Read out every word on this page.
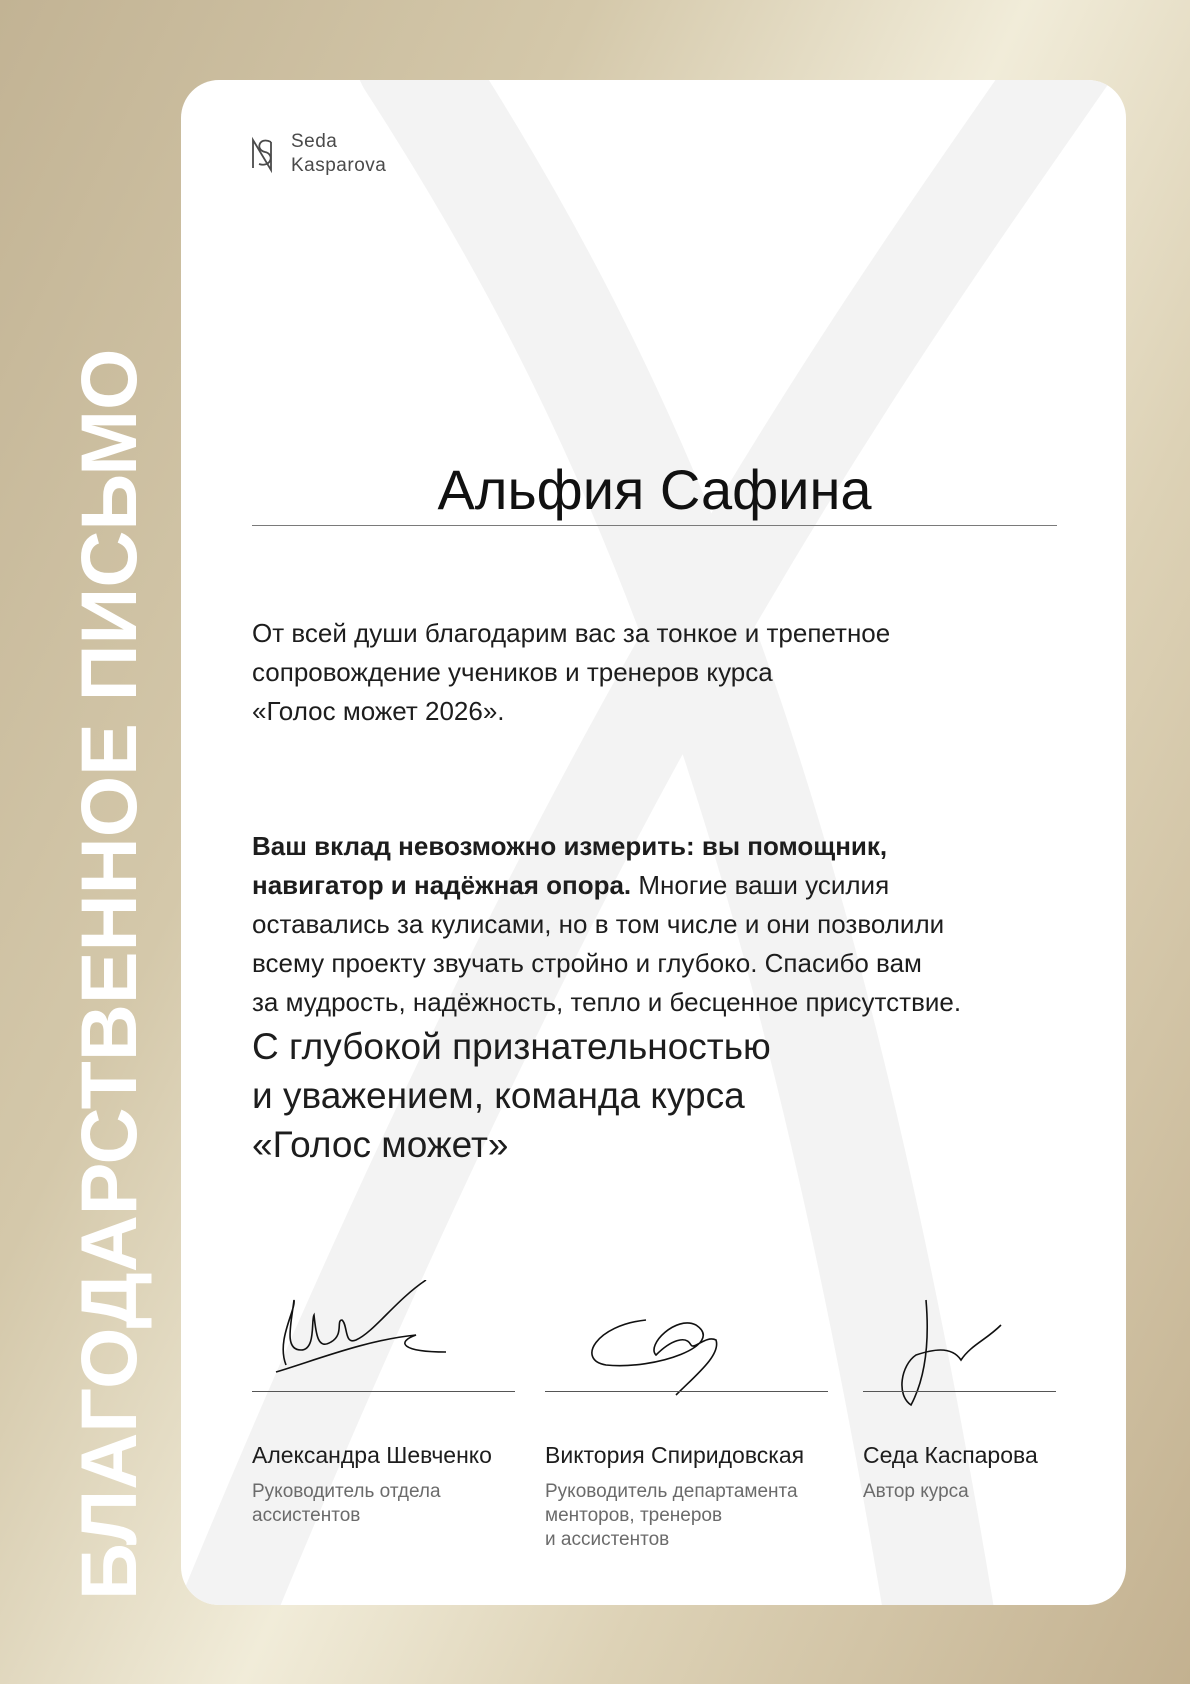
БЛАГОДАРСТВЕННОЕ ПИСЬМО
Seda
Kasparova
Альфия Сафина
От всей души благодарим вас за тонкое и трепетное
сопровождение учеников и тренеров курса
«Голос может 2026».
Ваш вклад невозможно измерить: вы помощник,
навигатор и надёжная опора. Многие ваши усилия
оставались за кулисами, но в том числе и они позволили
всему проекту звучать стройно и глубоко. Спасибо вам
за мудрость, надёжность, тепло и бесценное присутствие.
С глубокой признательностью
и уважением, команда курса
«Голос может»
Александра Шевченко
Руководитель отдела
ассистентов
Виктория Спиридовская
Руководитель департамента
менторов, тренеров
и ассистентов
Седа Каспарова
Автор курса
